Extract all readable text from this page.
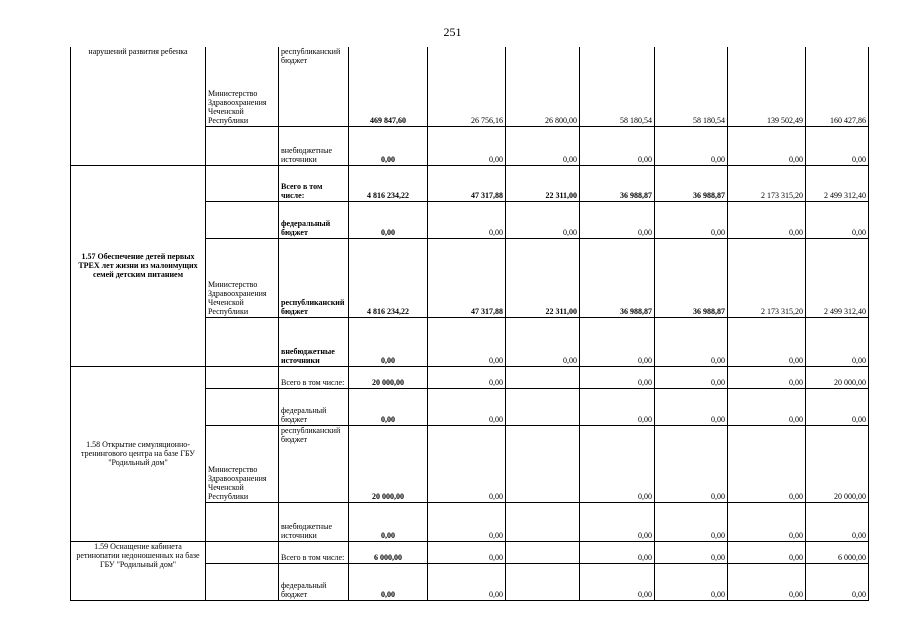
251
нарушений развития ребенка	Министерство Здравоохранения Чеченской Республики	республиканский бюджет	469 847,60	26 756,16	26 800,00	58 180,54	58 180,54	139 502,49	160 427,86
		внебюджетные источники	0,00	0,00	0,00	0,00	0,00	0,00	0,00
1.57 Обеспечение детей первых ТРЕХ лет жизни из малоимущих семей детским питанием		Всего в том числе:	4 816 234,22	47 317,88	22 311,00	36 988,87	36 988,87	2 173 315,20	2 499 312,40
		федеральный бюджет	0,00	0,00	0,00	0,00	0,00	0,00	0,00
	Министерство Здравоохранения Чеченской Республики	республиканский бюджет	4 816 234,22	47 317,88	22 311,00	36 988,87	36 988,87	2 173 315,20	2 499 312,40
		внебюджетные источники	0,00	0,00	0,00	0,00	0,00	0,00	0,00
1.58 Открытие симуляционно-тренингового центра на базе ГБУ "Родильный дом"		Всего в том числе:	20 000,00	0,00		0,00	0,00	0,00	20 000,00
		федеральный бюджет	0,00	0,00		0,00	0,00	0,00	0,00
	Министерство Здравоохранения Чеченской Республики	республиканский бюджет	20 000,00	0,00		0,00	0,00	0,00	20 000,00
		внебюджетные источники	0,00	0,00		0,00	0,00	0,00	0,00
1.59 Оснащение кабинета ретинопатии недоношенных на базе ГБУ "Родильный дом"		Всего в том числе:	6 000,00	0,00		0,00	0,00	0,00	6 000,00
		федеральный бюджет	0,00	0,00		0,00	0,00	0,00	0,00
